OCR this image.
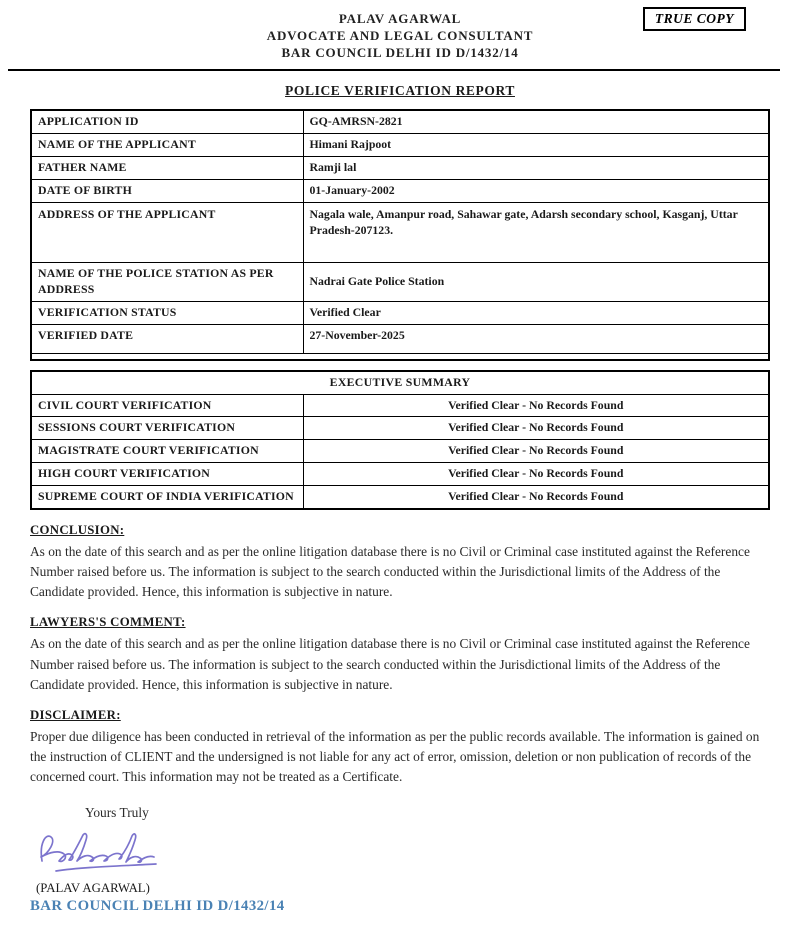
TRUE COPY
PALAV AGARWAL
ADVOCATE AND LEGAL CONSULTANT
BAR COUNCIL DELHI ID D/1432/14
POLICE VERIFICATION REPORT
APPLICATION ID	GQ-AMRSN-2821
NAME OF THE APPLICANT	Himani Rajpoot
FATHER NAME	Ramji lal
DATE OF BIRTH	01-January-2002
ADDRESS OF THE APPLICANT	Nagala wale, Amanpur road, Sahawar gate, Adarsh secondary school, Kasganj, Uttar Pradesh-207123.
NAME OF THE POLICE STATION AS PER ADDRESS	Nadrai Gate Police Station
VERIFICATION STATUS	Verified Clear
VERIFIED DATE	27-November-2025

EXECUTIVE SUMMARY	
CIVIL COURT VERIFICATION	Verified Clear - No Records Found
SESSIONS COURT VERIFICATION	Verified Clear - No Records Found
MAGISTRATE COURT VERIFICATION	Verified Clear - No Records Found
HIGH COURT VERIFICATION	Verified Clear - No Records Found
SUPREME COURT OF INDIA VERIFICATION	Verified Clear - No Records Found
CONCLUSION:

As on the date of this search and as per the online litigation database there is no Civil or Criminal case instituted against the Reference Number raised before us. The information is subject to the search conducted within the Jurisdictional limits of the Address of the Candidate provided. Hence, this information is subjective in nature.

LAWYERS'S COMMENT:

As on the date of this search and as per the online litigation database there is no Civil or Criminal case instituted against the Reference Number raised before us. The information is subject to the search conducted within the Jurisdictional limits of the Address of the Candidate provided. Hence, this information is subjective in nature.

DISCLAIMER:

Proper due diligence has been conducted in retrieval of the information as per the public records available. The information is gained on the instruction of CLIENT and the undersigned is not liable for any act of error, omission, deletion or non publication of records of the concerned court. This information may not be treated as a Certificate.

Yours Truly
(PALAV AGARWAL)
BAR COUNCIL DELHI ID D/1432/14
